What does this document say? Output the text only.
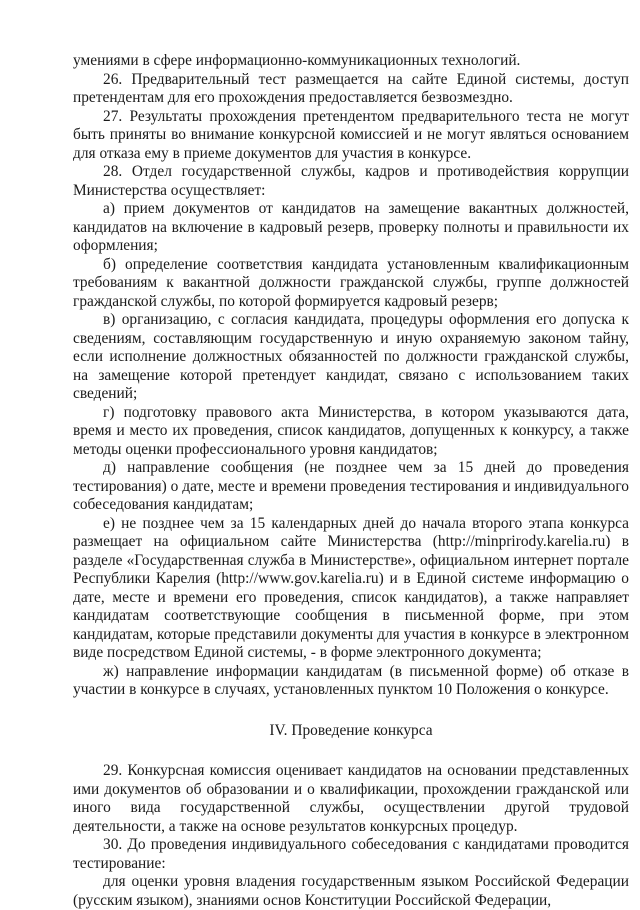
умениями в сфере информационно-коммуникационных технологий.

26. Предварительный тест размещается на сайте Единой системы, доступ претендентам для его прохождения предоставляется безвозмездно.

27. Результаты прохождения претендентом предварительного теста не могут быть приняты во внимание конкурсной комиссией и не могут являться основанием для отказа ему в приеме документов для участия в конкурсе.

28. Отдел государственной службы, кадров и противодействия коррупции Министерства осуществляет:

а) прием документов от кандидатов на замещение вакантных должностей, кандидатов на включение в кадровый резерв, проверку полноты и правильности их оформления;

б) определение соответствия кандидата установленным квалификационным требованиям к вакантной должности гражданской службы, группе должностей гражданской службы, по которой формируется кадровый резерв;

в) организацию, с согласия кандидата, процедуры оформления его допуска к сведениям, составляющим государственную и иную охраняемую законом тайну, если исполнение должностных обязанностей по должности гражданской службы, на замещение которой претендует кандидат, связано с использованием таких сведений;

г) подготовку правового акта Министерства, в котором указываются дата, время и место их проведения, список кандидатов, допущенных к конкурсу, а также методы оценки профессионального уровня кандидатов;

д) направление сообщения (не позднее чем за 15 дней до проведения тестирования) о дате, месте и времени проведения тестирования и индивидуального собеседования кандидатам;

е) не позднее чем за 15 календарных дней до начала второго этапа конкурса размещает на официальном сайте Министерства (http://minprirody.karelia.ru) в разделе «Государственная служба в Министерстве», официальном интернет портале Республики Карелия (http://www.gov.karelia.ru) и в Единой системе информацию о дате, месте и времени его проведения, список кандидатов), а также направляет кандидатам соответствующие сообщения в письменной форме, при этом кандидатам, которые представили документы для участия в конкурсе в электронном виде посредством Единой системы, - в форме электронного документа;

ж) направление информации кандидатам (в письменной форме) об отказе в участии в конкурсе в случаях, установленных пунктом 10 Положения о конкурсе.

IV. Проведение конкурса

29. Конкурсная комиссия оценивает кандидатов на основании представленных ими документов об образовании и о квалификации, прохождении гражданской или иного вида государственной службы, осуществлении другой трудовой деятельности, а также на основе результатов конкурсных процедур.

30. До проведения индивидуального собеседования с кандидатами проводится тестирование:

для оценки уровня владения государственным языком Российской Федерации (русским языком), знаниями основ Конституции Российской Федерации,
